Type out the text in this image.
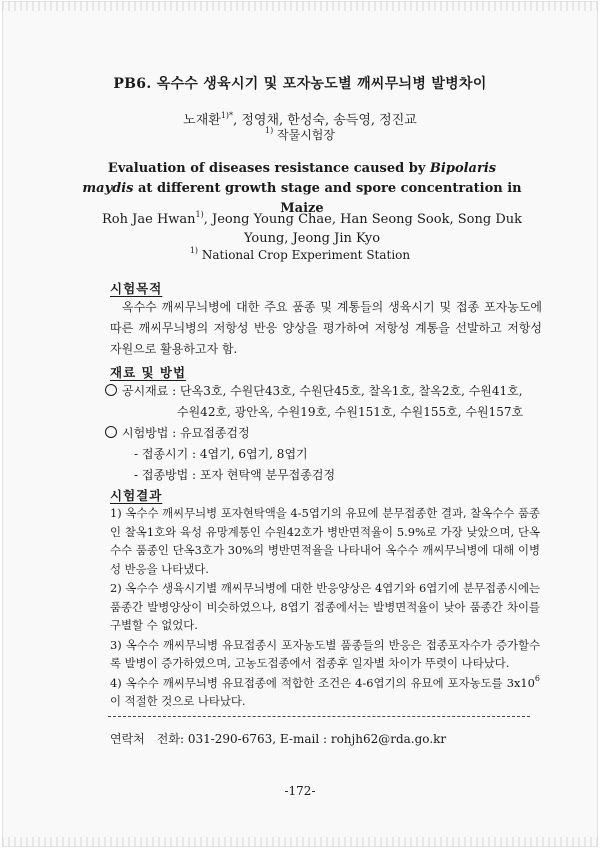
PB6. 옥수수 생육시기 및 포자농도별 깨씨무늬병 발병차이
노재환$^{1)*}$, 정영채, 한성숙, 송득영, 정진교
$^{1)}$ 작물시험장
Evaluation of diseases resistance caused by Bipolaris maydis at different growth stage and spore concentration in Maize
Roh Jae Hwan$^{1)}$, Jeong Young Chae, Han Seong Sook, Song Duk Young, Jeong Jin Kyo
$^{1)}$ National Crop Experiment Station
시험목적
옥수수 깨씨무늬병에 대한 주요 품종 및 계통들의 생육시기 및 접종 포자농도에 따른 깨씨무늬병의 저항성 반응 양상을 평가하여 저항성 계통을 선발하고 저항성 자원으로 활용하고자 함.
재료 및 방법
공시재료 : 단옥3호, 수원단43호, 수원단45호, 찰옥1호, 찰옥2호, 수원41호,
수원42호, 광안옥, 수원19호, 수원151호, 수원155호, 수원157호
시험방법 : 유묘접종검정
- 접종시기 : 4엽기, 6엽기, 8엽기
- 접종방법 : 포자 현탁액 분무접종검정
시험결과
1) 옥수수 깨씨무늬병 포자현탁액을 4-5엽기의 유묘에 분무접종한 결과, 찰옥수수 품종인 찰옥1호와 육성 유망계통인 수원42호가 병반면적율이 5.9%로 가장 낮았으며, 단옥수수 품종인 단옥3호가 30%의 병반면적율을 나타내어 옥수수 깨씨무늬병에 대해 이병성 반응을 나타냈다.
2) 옥수수 생육시기별 깨씨무늬병에 대한 반응양상은 4엽기와 6엽기에 분무접종시에는 품종간 발병양상이 비슷하였으나, 8엽기 접종에서는 발병면적율이 낮아 품종간 차이를 구별할 수 없었다.
3) 옥수수 깨씨무늬병 유묘접종시 포자농도별 품종들의 반응은 접종포자수가 증가할수록 발병이 증가하였으며, 고농도접종에서 접종후 일자별 차이가 뚜렷이 나타났다.
4) 옥수수 깨씨무늬병 유묘접종에 적합한 조건은 4-6엽기의 유묘에 포자농도를 $3x10^6$이 적절한 것으로 나타났다.
연락처 전화: 031-290-6763, E-mail : rohjh62@rda.go.kr
-172-
